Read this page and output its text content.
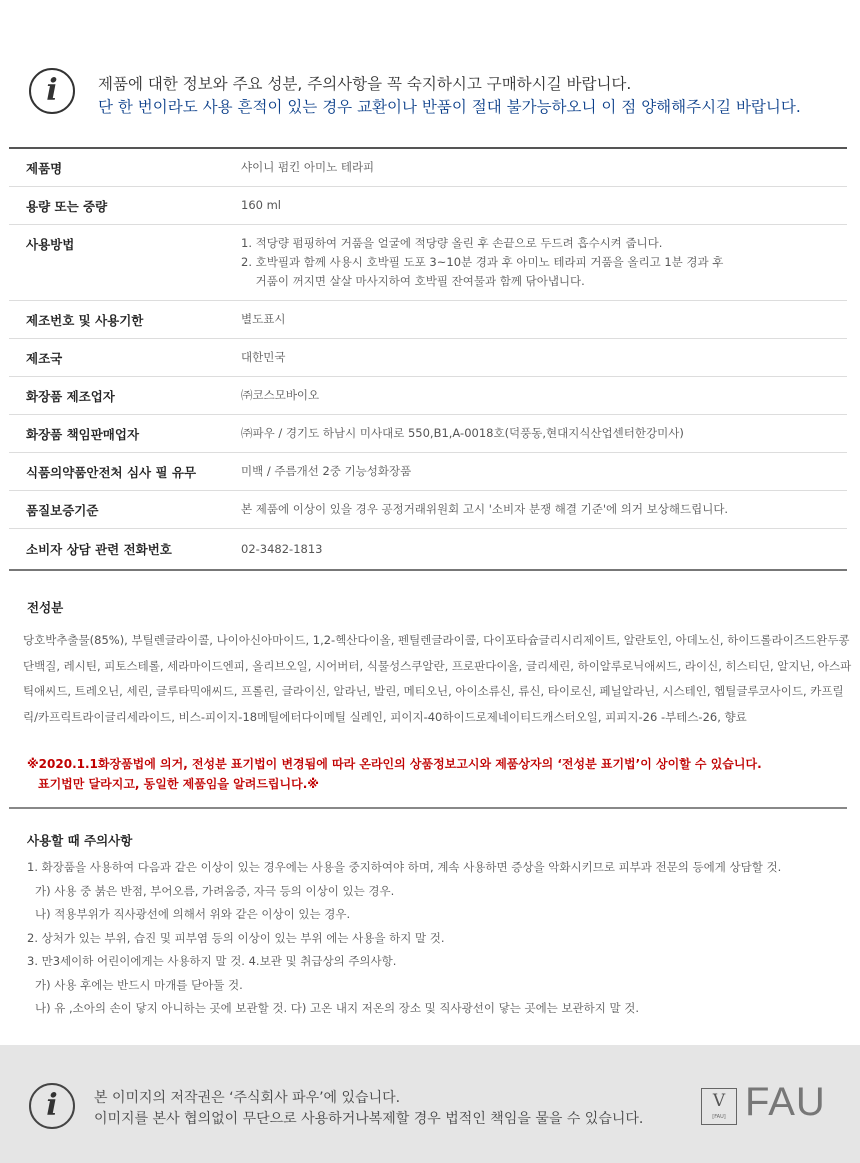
i	제품에 대한 정보와 주요 성분, 주의사항을 꼭 숙지하시고 구매하시길 바랍니다.
단 한 번이라도 사용 흔적이 있는 경우 교환이나 반품이 절대 불가능하오니 이 점 양해해주시길 바랍니다.
제품명	샤이니 펌킨 아미노 테라피
용량 또는 중량	160 ml
사용방법	1. 적당량 펌핑하여 거품을 얼굴에 적당량 올린 후 손끝으로 두드려 흡수시켜 줍니다.
2. 호박필과 함께 사용시 호박필 도포 3~10분 경과 후 아미노 테라피 거품을 올리고 1분 경과 후
거품이 꺼지면 살살 마사지하여 호박필 잔여물과 함께 닦아냅니다.
제조번호 및 사용기한	별도표시
제조국	대한민국
화장품 제조업자	㈜코스모바이오
화장품 책임판매업자	㈜파우 / 경기도 하남시 미사대로 550,B1,A-0018호(덕풍동,현대지식산업센터한강미사)
식품의약품안전처 심사 필 유무	미백 / 주름개선 2중 기능성화장품
품질보증기준	본 제품에 이상이 있을 경우 공정거래위원회 고시 '소비자 분쟁 해결 기준'에 의거 보상해드립니다.
소비자 상담 관련 전화번호	02-3482-1813
전성분
당호박추출물(85%), 부틸렌글라이콜, 나이아신아마이드, 1,2-헥산다이올, 펜틸렌글라이콜, 다이포타슘글리시리제이트, 알란토인, 아데노신, 하이드롤라이즈드완두콩단백질, 레시틴, 피토스테롤, 세라마이드엔피, 올리브오일, 시어버터, 식물성스쿠알란, 프로판다이올, 글리세린, 하이알루로닉애씨드, 라이신, 히스티딘, 알지닌, 아스파틱애씨드, 트레오닌, 세린, 글루타믹애씨드, 프롤린, 글라이신, 알라닌, 발린, 메티오닌, 아이소류신, 류신, 타이로신, 페닐알라닌, 시스테인, 헵틸글루코사이드, 카프릴릭/카프릭트라이글리세라이드, 비스-피이지-18메틸에터다이메틸 실레인, 피이지-40하이드로제네이티드캐스터오일, 피피지-26 -부테스-26, 향료
※2020.1.1화장품법에 의거, 전성분 표기법이 변경됨에 따라 온라인의 상품정보고시와 제품상자의 ‘전성분 표기법’이 상이할 수 있습니다.
표기법만 달라지고, 동일한 제품임을 알려드립니다.※
사용할 때 주의사항
1. 화장품을 사용하여 다음과 같은 이상이 있는 경우에는 사용을 중지하여야 하며, 계속 사용하면 증상을 악화시키므로 피부과 전문의 등에게 상담할 것.
가) 사용 중 붉은 반점, 부어오름, 가려움증, 자극 등의 이상이 있는 경우.
나) 적용부위가 직사광선에 의해서 위와 같은 이상이 있는 경우.
2. 상처가 있는 부위, 습진 및 피부염 등의 이상이 있는 부위 에는 사용을 하지 말 것.
3. 만3세이하 어린이에게는 사용하지 말 것. 4.보관 및 취급상의 주의사항.
가) 사용 후에는 반드시 마개를 닫아둘 것.
나) 유 ,소아의 손이 닿지 아니하는 곳에 보관할 것. 다) 고온 내지 저온의 장소 및 직사광선이 닿는 곳에는 보관하지 말 것.
i	본 이미지의 저작권은 ‘주식회사 파우’에 있습니다.
이미지를 본사 협의없이 무단으로 사용하거나복제할 경우 법적인 책임을 물을 수 있습니다.
V
[FAU] FAU
